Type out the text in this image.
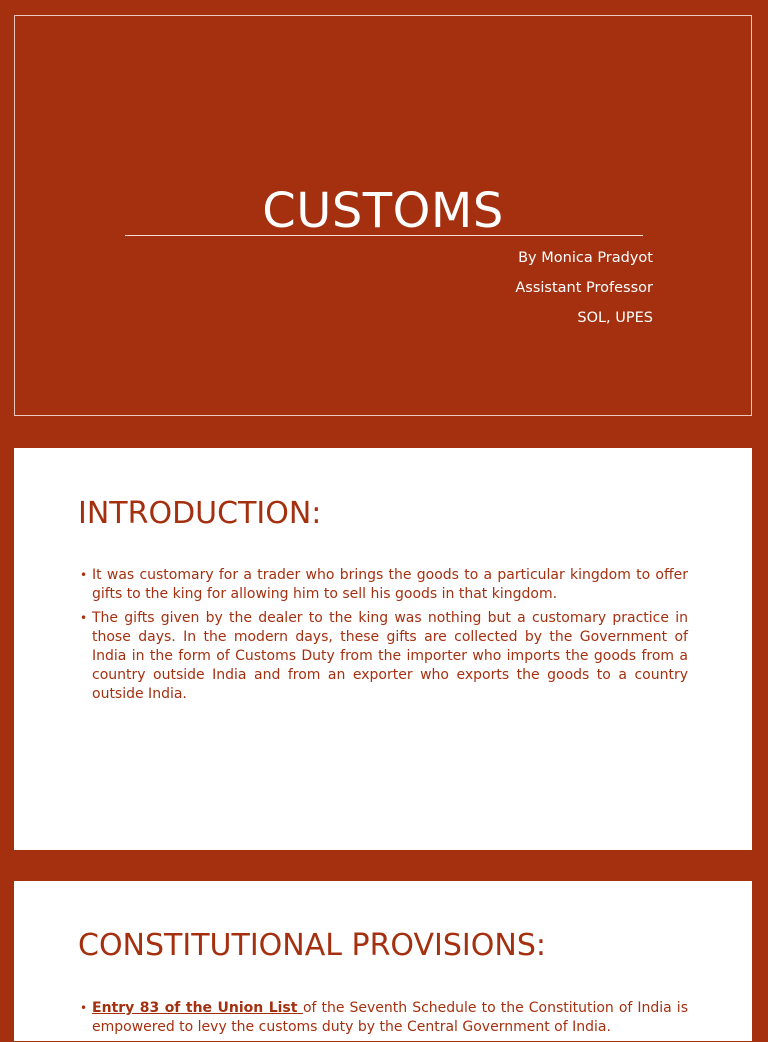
CUSTOMS
By Monica Pradyot
Assistant Professor
SOL, UPES
INTRODUCTION:
• It was customary for a trader who brings the goods to a particular kingdom to offer gifts to the king for allowing him to sell his goods in that kingdom.
• The gifts given by the dealer to the king was nothing but a customary practice in those days. In the modern days, these gifts are collected by the Government of India in the form of Customs Duty from the importer who imports the goods from a country outside India and from an exporter who exports the goods to a country outside India.
CONSTITUTIONAL PROVISIONS:
• Entry 83 of the Union List of the Seventh Schedule to the Constitution of India is empowered to levy the customs duty by the Central Government of India.
